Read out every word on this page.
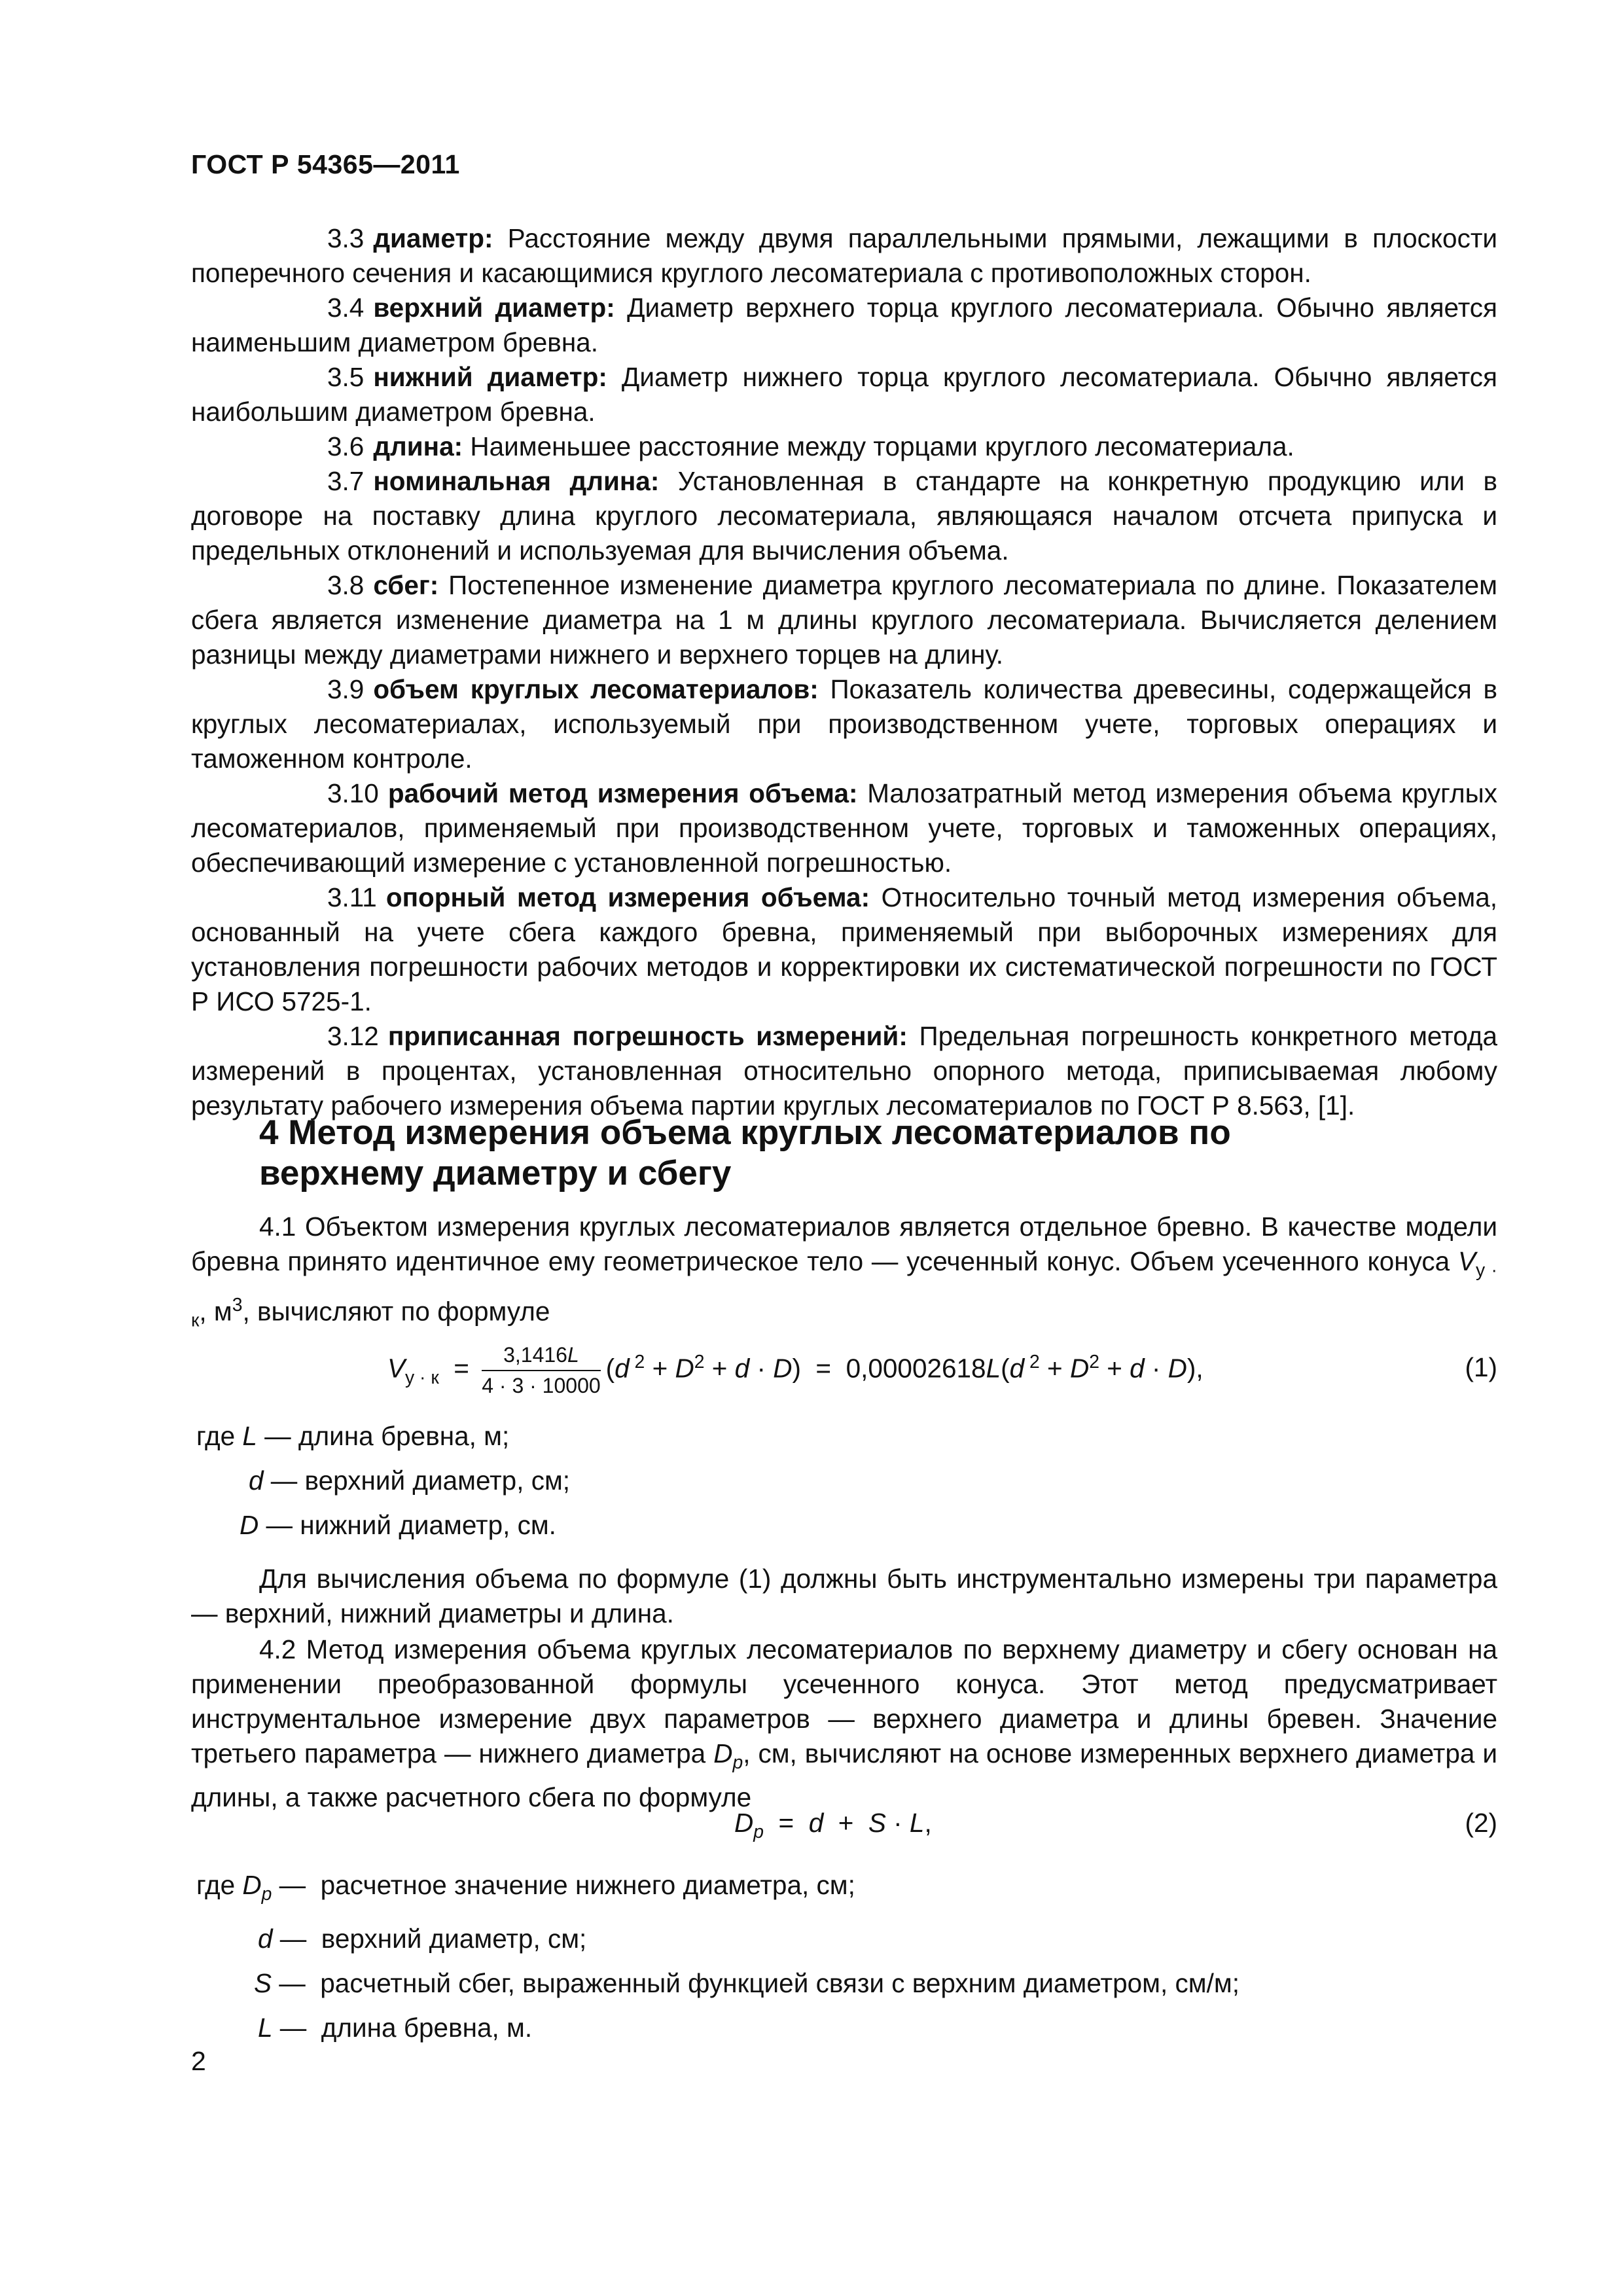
ГОСТ Р 54365—2011

3.3 диаметр: Расстояние между двумя параллельными прямыми, лежащими в плоскости поперечного сечения и касающимися круглого лесоматериала с противоположных сторон.

3.4 верхний диаметр: Диаметр верхнего торца круглого лесоматериала. Обычно является наименьшим диаметром бревна.

3.5 нижний диаметр: Диаметр нижнего торца круглого лесоматериала. Обычно является наибольшим диаметром бревна.

3.6 длина: Наименьшее расстояние между торцами круглого лесоматериала.

3.7 номинальная длина: Установленная в стандарте на конкретную продукцию или в договоре на поставку длина круглого лесоматериала, являющаяся началом отсчета припуска и предельных отклонений и используемая для вычисления объема.

3.8 сбег: Постепенное изменение диаметра круглого лесоматериала по длине. Показателем сбега является изменение диаметра на 1 м длины круглого лесоматериала. Вычисляется делением разницы между диаметрами нижнего и верхнего торцев на длину.

3.9 объем круглых лесоматериалов: Показатель количества древесины, содержащейся в круглых лесоматериалах, используемый при производственном учете, торговых операциях и таможенном контроле.

3.10 рабочий метод измерения объема: Малозатратный метод измерения объема круглых лесоматериалов, применяемый при производственном учете, торговых и таможенных операциях, обеспечивающий измерение с установленной погрешностью.

3.11 опорный метод измерения объема: Относительно точный метод измерения объема, основанный на учете сбега каждого бревна, применяемый при выборочных измерениях для установления погрешности рабочих методов и корректировки их систематической погрешности по ГОСТ Р ИСО 5725-1.

3.12 приписанная погрешность измерений: Предельная погрешность конкретного метода измерений в процентах, установленная относительно опорного метода, приписываемая любому результату рабочего измерения объема партии круглых лесоматериалов по ГОСТ Р 8.563, [1].

4 Метод измерения объема круглых лесоматериалов по верхнему диаметру и сбегу

4.1 Объектом измерения круглых лесоматериалов является отдельное бревно. В качестве модели бревна принято идентичное ему геометрическое тело — усеченный конус. Объем усеченного конуса $V_{у \cdot к}$, $м^3$, вычисляют по формуле

$V_{у \cdot к} = \frac{3,1416L}{4 \cdot 3 \cdot 10000} (d$ $^2 + D^2 + d \cdot D) = 0,00002618L(d$ $^2 + D^2 + d \cdot D$),	(1)
где L — длина бревна, м;
d — верхний диаметр, см;
D — нижний диаметр, см.

Для вычисления объема по формуле (1) должны быть инструментально измерены три параметра — верхний, нижний диаметры и длина.

4.2 Метод измерения объема круглых лесоматериалов по верхнему диаметру и сбегу основан на применении преобразованной формулы усеченного конуса. Этот метод предусматривает инструментальное измерение двух параметров — верхнего диаметра и длины бревен. Значение третьего параметра — нижнего диаметра $D_p$, см, вычисляют на основе измеренных верхнего диаметра и длины, а также расчетного сбега по формуле

$D_p = d + S \cdot L$,	(2)
где $D_p$ —  расчетное значение нижнего диаметра, см;
d —  верхний диаметр, см;
S —  расчетный сбег, выраженный функцией связи с верхним диаметром, см/м;
L —  длина бревна, м.
2
